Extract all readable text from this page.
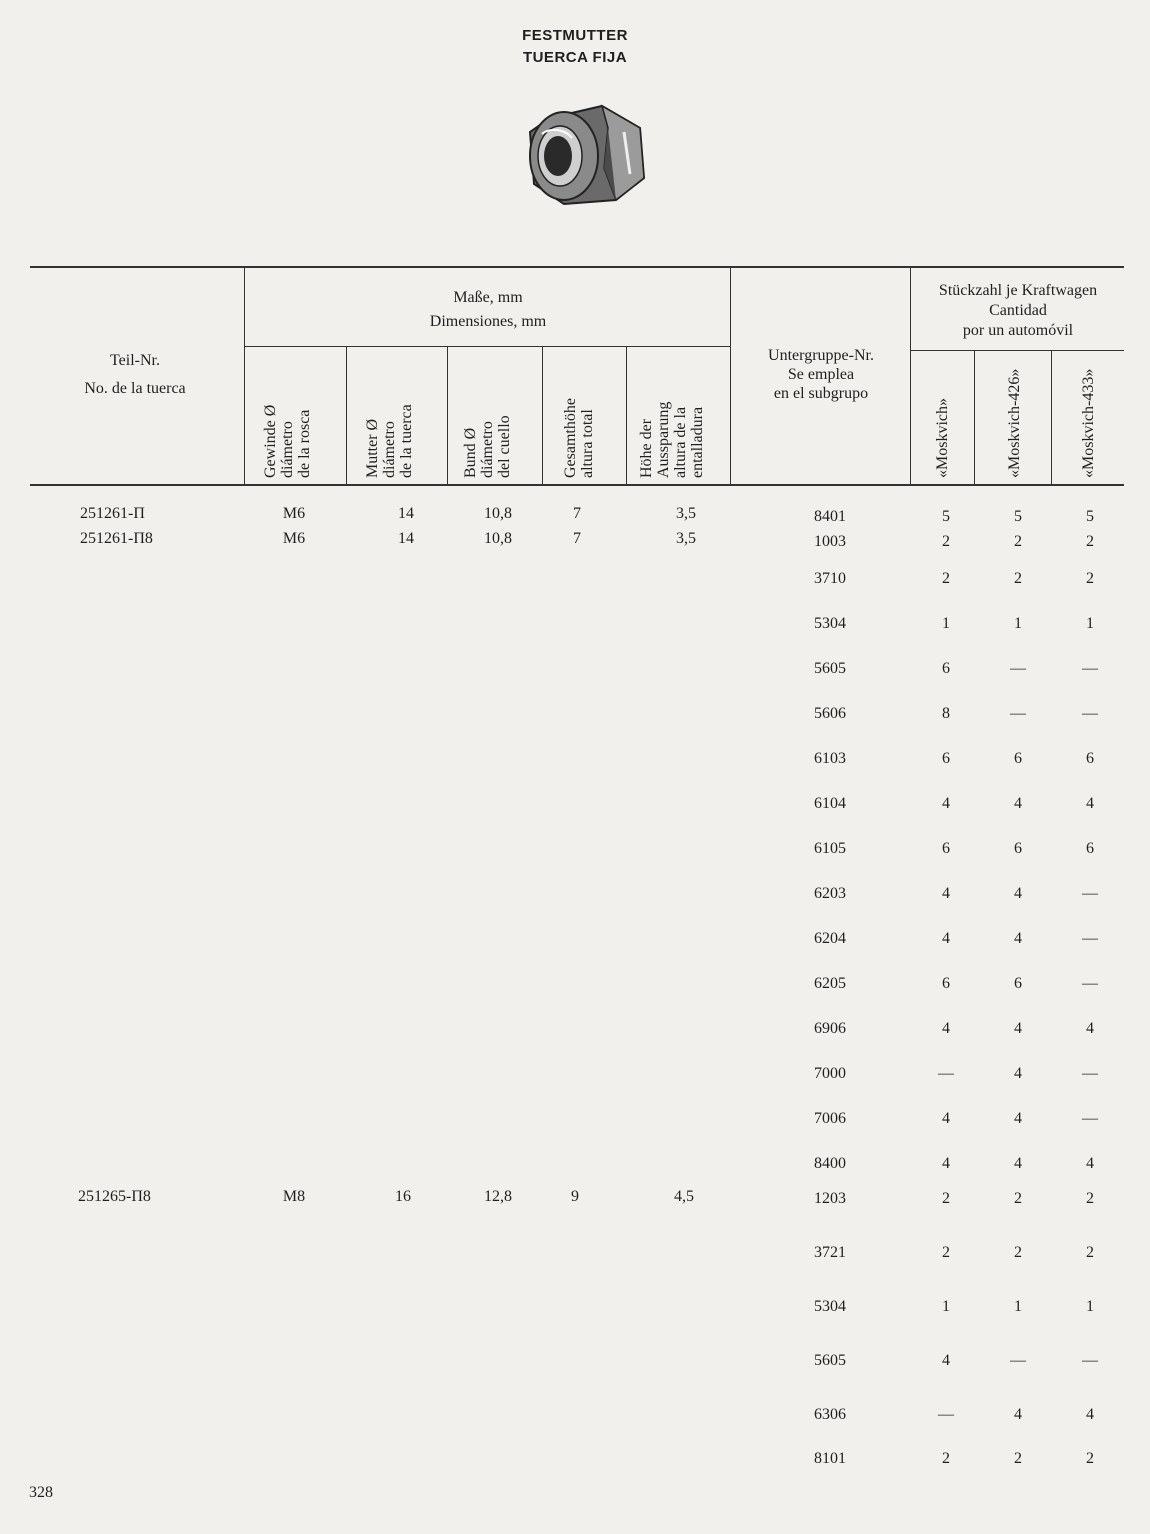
FESTMUTTER
TUERCA FIJA
Teil-Nr.
No. de la tuerca
Maße, mm
Dimensiones, mm
Untergruppe-Nr.
Se emplea
en el subgrupo
Stückzahl je Kraftwagen
Cantidad
por un automóvil
Gewinde Ø diámetro de la rosca	Mutter Ø diámetro de la tuerca	Bund Ø diámetro del cuello	Gesamthöhe altura total	Höhe der Aussparung altura de la entalladura	«Moskvich»	«Moskvich-426»	«Moskvich-433»
251261-П	M6	14	10,8	7	3,5
251261-П8	M6	14	10,8	7	3,5
251265-П8	M8	16	12,8	9	4,5
8401	5	5	5
1003	2	2	2
3710	2	2	2
5304	1	1	1
5605	6	—	—
5606	8	—	—
6103	6	6	6
6104	4	4	4
6105	6	6	6
6203	4	4	—
6204	4	4	—
6205	6	6	—
6906	4	4	4
7000	—	4	—
7006	4	4	—
8400	4	4	4
1203	2	2	2
3721	2	2	2
5304	1	1	1
5605	4	—	—
6306	—	4	4
8101	2	2	2
328
